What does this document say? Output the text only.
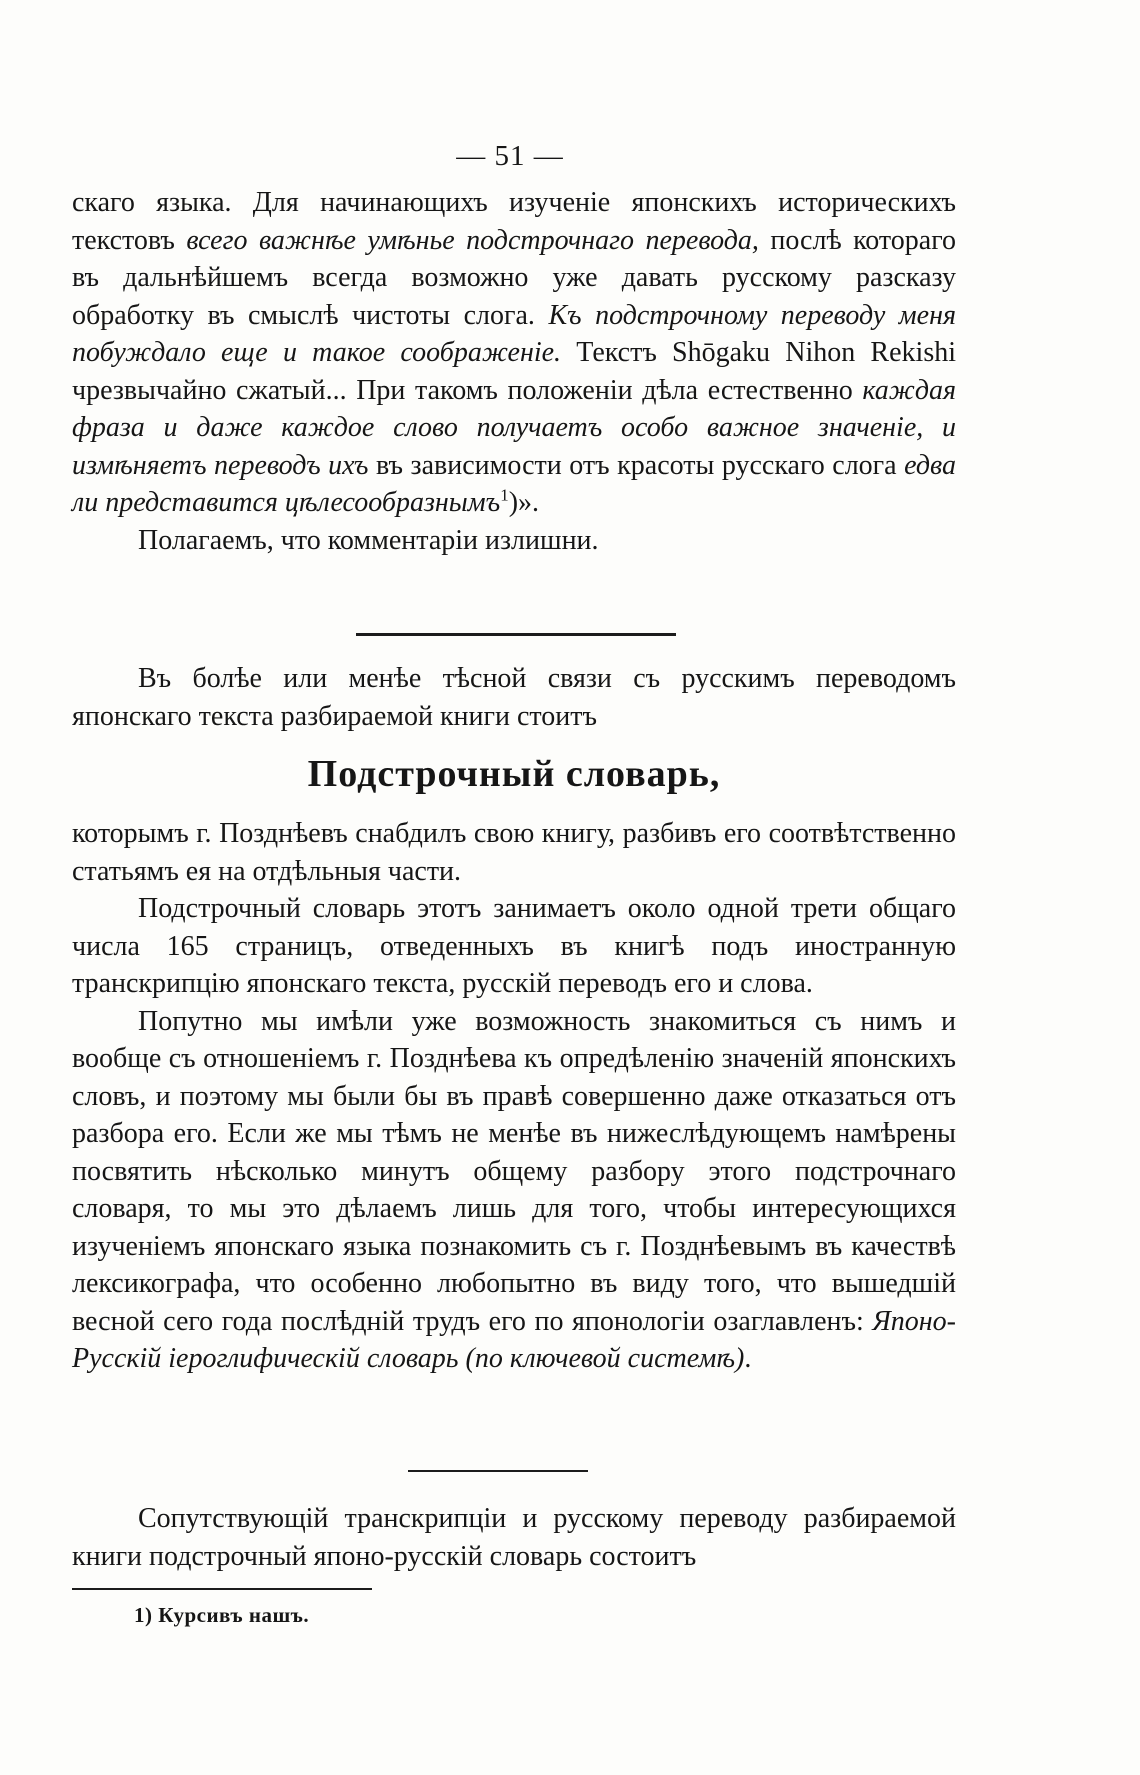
— 51 —

скаго языка. Для начинающихъ изученіе японскихъ историческихъ текстовъ всего важнѣе умѣнье подстрочнаго перевода, послѣ котораго въ дальнѣйшемъ всегда возможно уже давать русскому разсказу обработку въ смыслѣ чистоты слога. Къ подстрочному переводу меня побуждало еще и такое соображеніе. Текстъ Shōgaku Nihon Rekishi чрезвычайно сжатый... При такомъ положеніи дѣла естественно каждая фраза и даже каждое слово получаетъ особо важное значеніе, и измѣняетъ переводъ ихъ въ зависимости отъ красоты русскаго слога едва ли представится цѣлесообразнымъ$^1$)».

Полагаемъ, что комментаріи излишни.

Въ болѣе или менѣе тѣсной связи съ русскимъ переводомъ японскаго текста разбираемой книги стоитъ

Подстрочный словарь,

которымъ г. Позднѣевъ снабдилъ свою книгу, разбивъ его соотвѣтственно статьямъ ея на отдѣльныя части.

Подстрочный словарь этотъ занимаетъ около одной трети общаго числа 165 страницъ, отведенныхъ въ книгѣ подъ иностранную транскрипцію японскаго текста, русскій переводъ его и слова.

Попутно мы имѣли уже возможность знакомиться съ нимъ и вообще съ отношеніемъ г. Позднѣева къ опредѣленію значеній японскихъ словъ, и поэтому мы были бы въ правѣ совершенно даже отказаться отъ разбора его. Если же мы тѣмъ не менѣе въ нижеслѣдующемъ намѣрены посвятить нѣсколько минутъ общему разбору этого подстрочнаго словаря, то мы это дѣлаемъ лишь для того, чтобы интересующихся изученіемъ японскаго языка познакомить съ г. Позднѣевымъ въ качествѣ лексикографа, что особенно любопытно въ виду того, что вышедшій весной сего года послѣдній трудъ его по японологіи озаглавленъ: Японо-Русскій іероглифическій словарь (по ключевой системѣ).

Сопутствующій транскрипціи и русскому переводу разбираемой книги подстрочный японо-русскій словарь состоитъ

1) Курсивъ нашъ.
